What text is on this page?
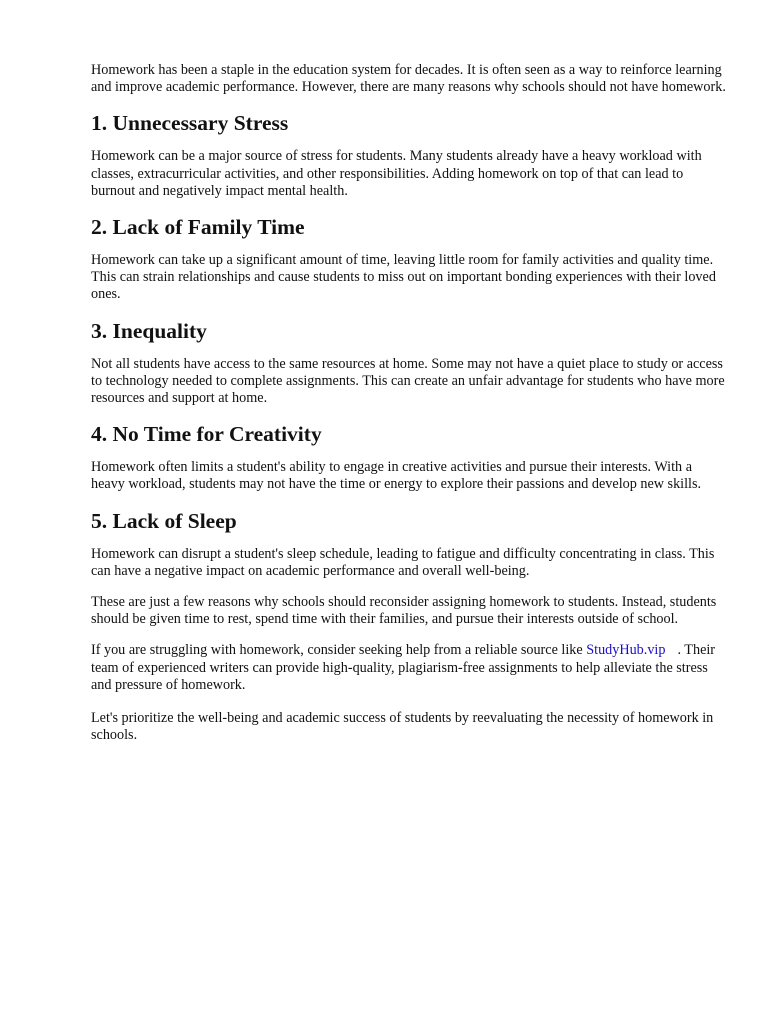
Homework has been a staple in the education system for decades. It is often seen as a way to reinforce learning and improve academic performance. However, there are many reasons why schools should not have homework.

1. Unnecessary Stress

Homework can be a major source of stress for students. Many students already have a heavy workload with classes, extracurricular activities, and other responsibilities. Adding homework on top of that can lead to burnout and negatively impact mental health.

2. Lack of Family Time

Homework can take up a significant amount of time, leaving little room for family activities and quality time. This can strain relationships and cause students to miss out on important bonding experiences with their loved ones.

3. Inequality

Not all students have access to the same resources at home. Some may not have a quiet place to study or access to technology needed to complete assignments. This can create an unfair advantage for students who have more resources and support at home.

4. No Time for Creativity

Homework often limits a student's ability to engage in creative activities and pursue their interests. With a heavy workload, students may not have the time or energy to explore their passions and develop new skills.

5. Lack of Sleep

Homework can disrupt a student's sleep schedule, leading to fatigue and difficulty concentrating in class. This can have a negative impact on academic performance and overall well-being.

These are just a few reasons why schools should reconsider assigning homework to students. Instead, students should be given time to rest, spend time with their families, and pursue their interests outside of school.

If you are struggling with homework, consider seeking help from a reliable source like StudyHub.vip . Their team of experienced writers can provide high-quality, plagiarism-free assignments to help alleviate the stress and pressure of homework.

Let's prioritize the well-being and academic success of students by reevaluating the necessity of homework in schools.
